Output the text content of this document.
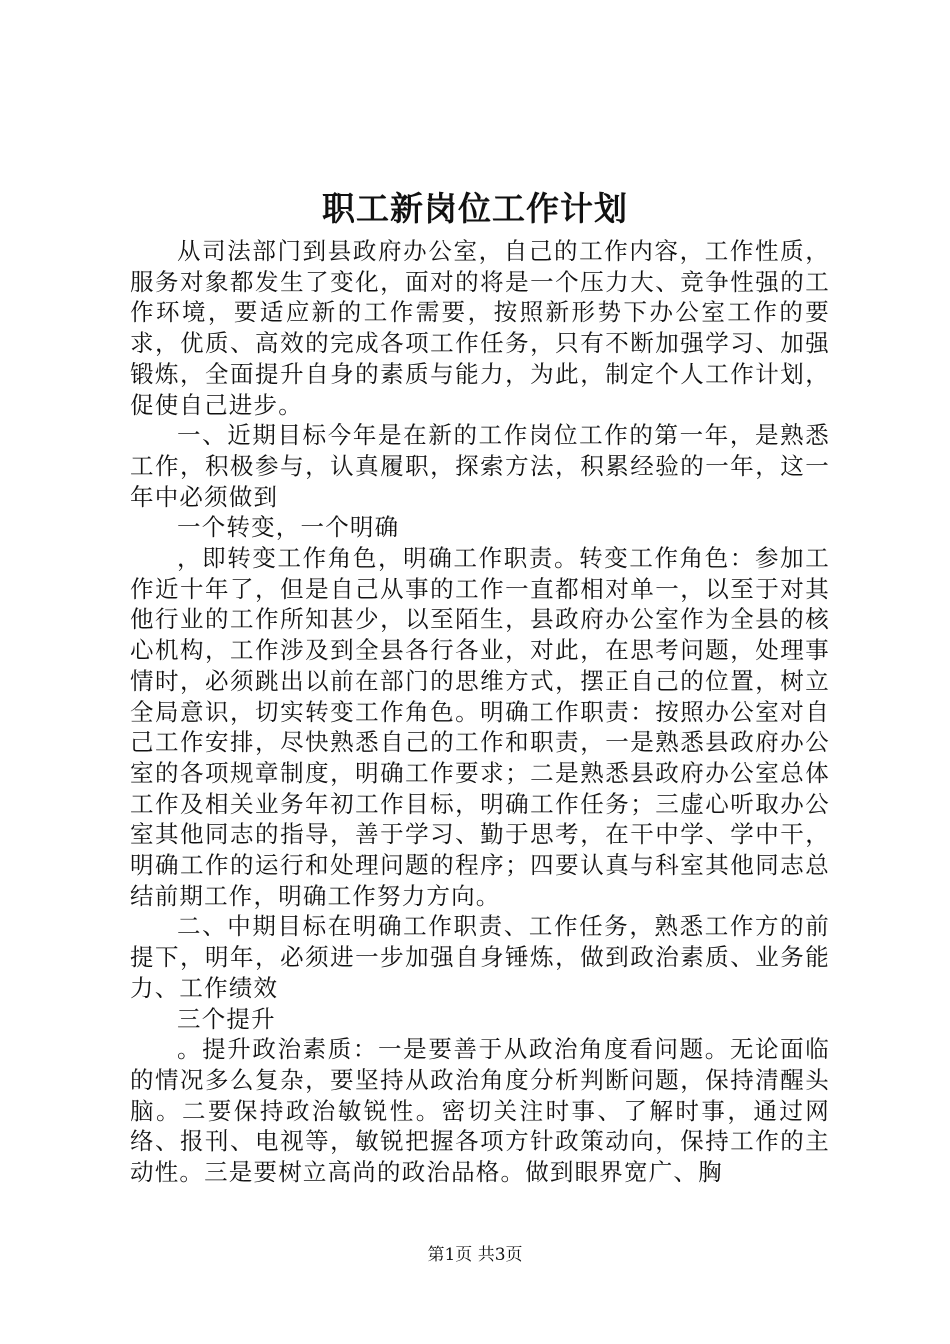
职工新岗位工作计划

从司法部门到县政府办公室，自己的工作内容，工作性质，服务对象都发生了变化，面对的将是一个压力大、竞争性强的工作环境，要适应新的工作需要，按照新形势下办公室工作的要求，优质、高效的完成各项工作任务，只有不断加强学习、加强锻炼，全面提升自身的素质与能力，为此，制定个人工作计划，促使自己进步。

一、近期目标今年是在新的工作岗位工作的第一年，是熟悉工作，积极参与，认真履职，探索方法，积累经验的一年，这一年中必须做到

一个转变，一个明确

，即转变工作角色，明确工作职责。转变工作角色：参加工作近十年了，但是自己从事的工作一直都相对单一，以至于对其他行业的工作所知甚少，以至陌生，县政府办公室作为全县的核心机构，工作涉及到全县各行各业，对此，在思考问题，处理事情时，必须跳出以前在部门的思维方式，摆正自己的位置，树立全局意识，切实转变工作角色。明确工作职责：按照办公室对自己工作安排，尽快熟悉自己的工作和职责，一是熟悉县政府办公室的各项规章制度，明确工作要求；二是熟悉县政府办公室总体工作及相关业务年初工作目标，明确工作任务；三虚心听取办公室其他同志的指导，善于学习、勤于思考，在干中学、学中干，明确工作的运行和处理问题的程序；四要认真与科室其他同志总结前期工作，明确工作努力方向。

二、中期目标在明确工作职责、工作任务，熟悉工作方的前提下，明年，必须进一步加强自身锤炼，做到政治素质、业务能力、工作绩效

三个提升

。提升政治素质：一是要善于从政治角度看问题。无论面临的情况多么复杂，要坚持从政治角度分析判断问题，保持清醒头脑。二要保持政治敏锐性。密切关注时事、了解时事，通过网络、报刊、电视等，敏锐把握各项方针政策动向，保持工作的主动性。三是要树立高尚的政治品格。做到眼界宽广、胸

第1页 共3页
